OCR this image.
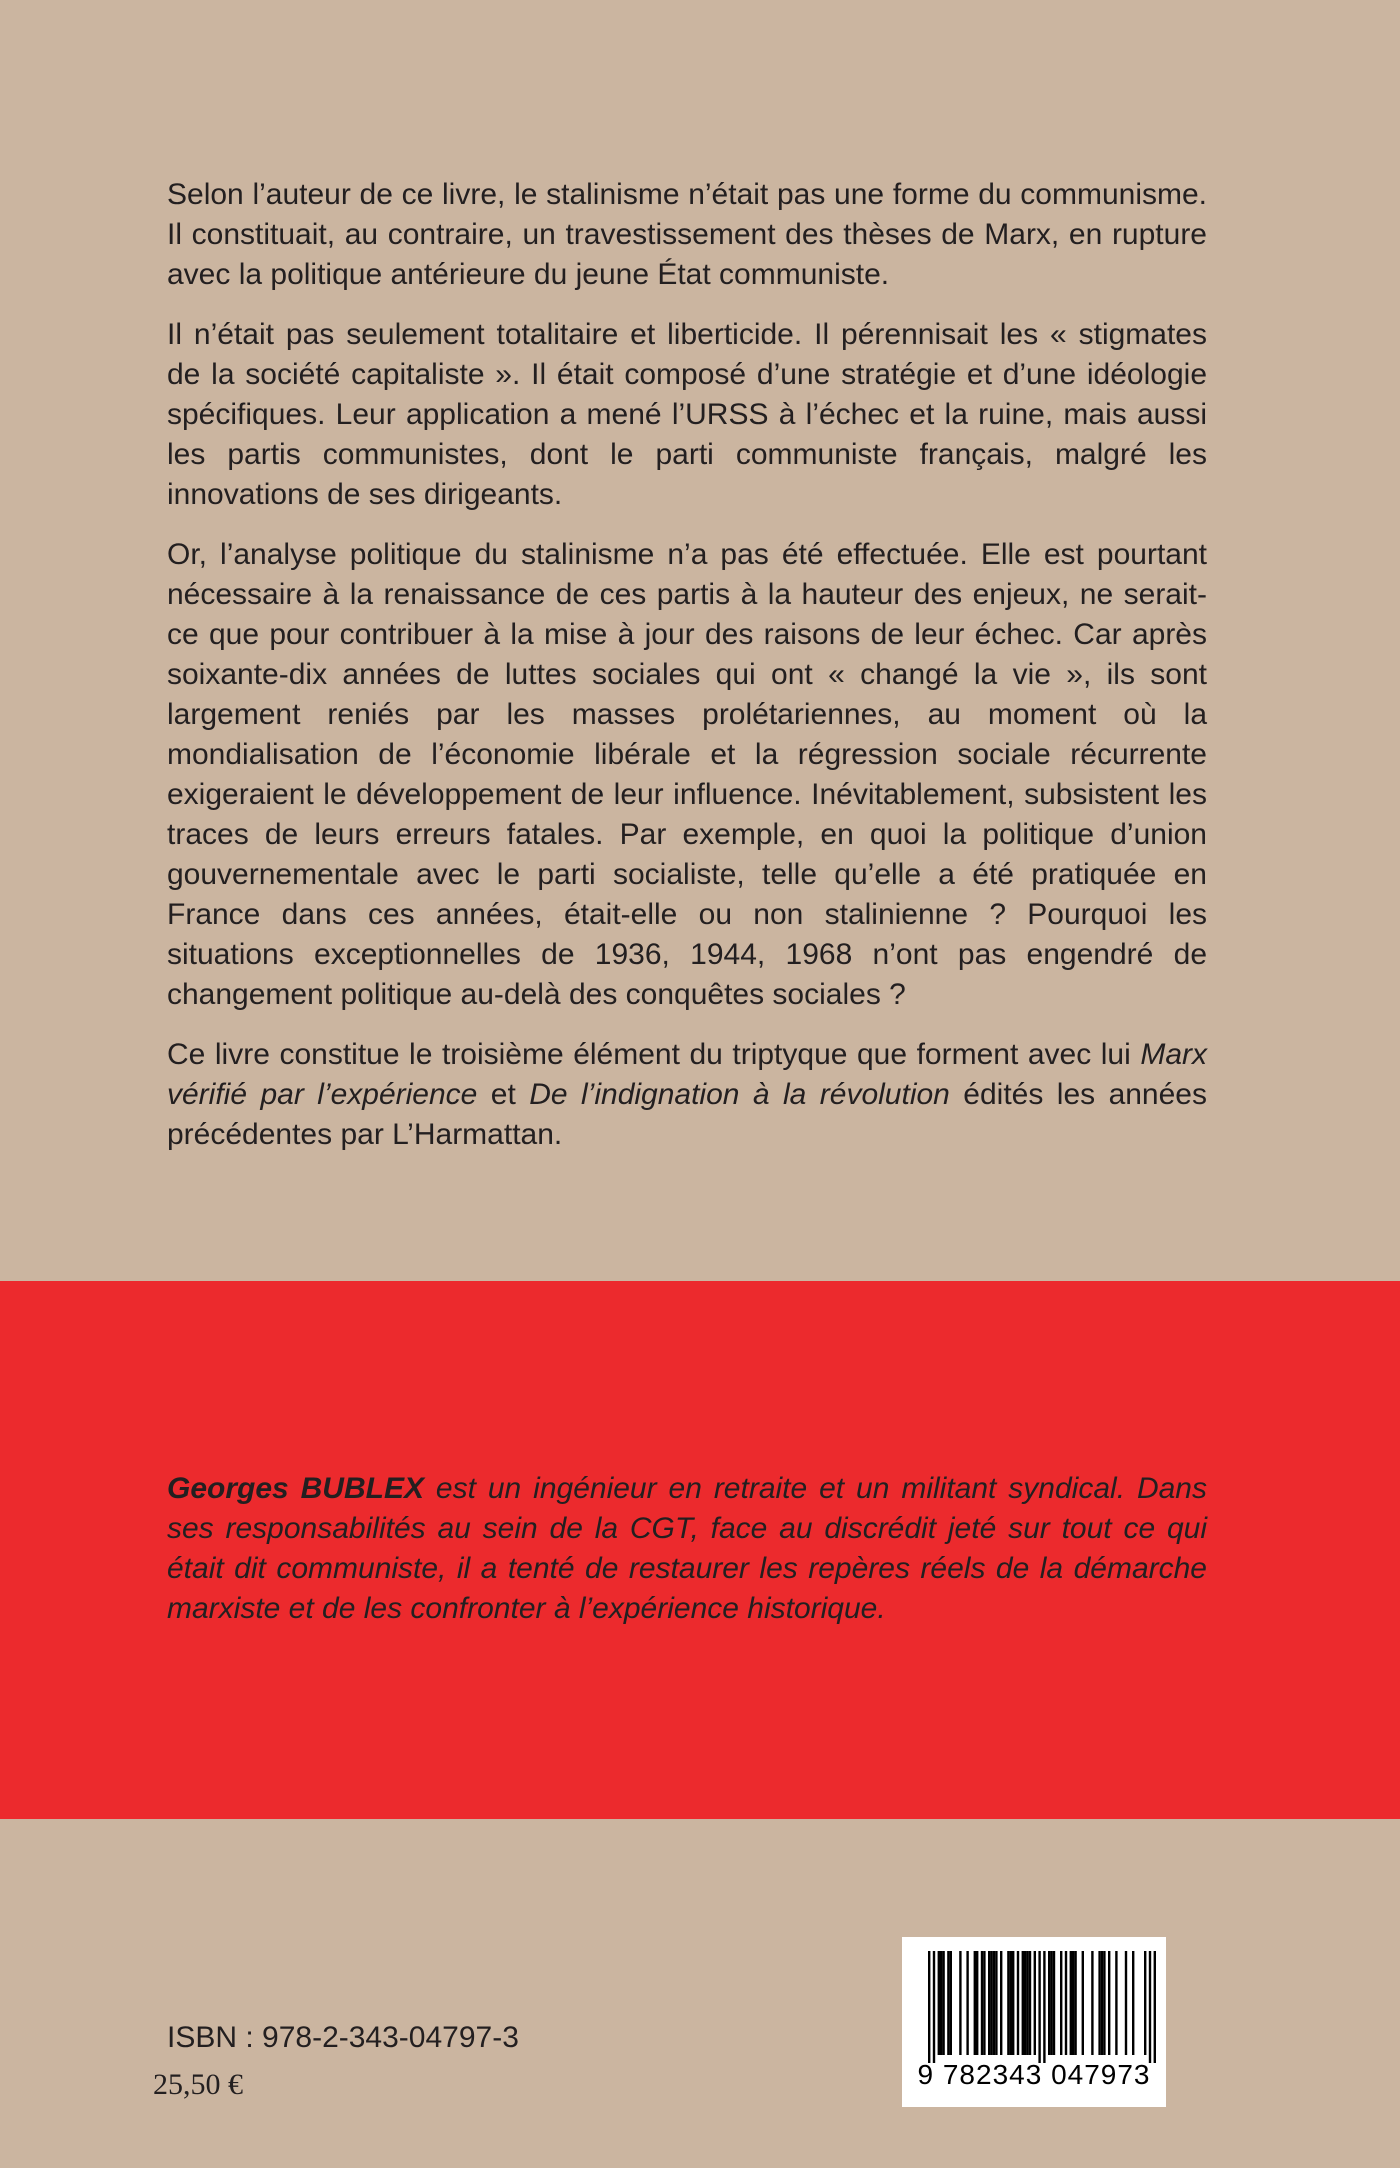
Selon l’auteur de ce livre, le stalinisme n’était pas une forme du communisme. Il constituait, au contraire, un travestissement des thèses de Marx, en rupture avec la politique antérieure du jeune État communiste.

Il n’était pas seulement totalitaire et liberticide. Il pérennisait les « stigmates de la société capitaliste ». Il était composé d’une stratégie et d’une idéologie spécifiques. Leur application a mené l’URSS à l’échec et la ruine, mais aussi les partis communistes, dont le parti communiste français, malgré les innovations de ses dirigeants.

Or, l’analyse politique du stalinisme n’a pas été effectuée. Elle est pourtant nécessaire à la renaissance de ces partis à la hauteur des enjeux, ne serait-ce que pour contribuer à la mise à jour des raisons de leur échec. Car après soixante-dix années de luttes sociales qui ont « changé la vie », ils sont largement reniés par les masses prolétariennes, au moment où la mondialisation de l’économie libérale et la régression sociale récurrente exigeraient le développement de leur influence. Inévitablement, subsistent les traces de leurs erreurs fatales. Par exemple, en quoi la politique d’union gouvernementale avec le parti socialiste, telle qu’elle a été pratiquée en France dans ces années, était-elle ou non stalinienne ? Pourquoi les situations exceptionnelles de 1936, 1944, 1968 n’ont pas engendré de changement politique au-delà des conquêtes sociales ?

Ce livre constitue le troisième élément du triptyque que forment avec lui Marx vérifié par l’expérience et De l’indignation à la révolution édités les années précédentes par L’Harmattan.

Georges BUBLEX est un ingénieur en retraite et un militant syndical. Dans ses responsabilités au sein de la CGT, face au discrédit jeté sur tout ce qui était dit communiste, il a tenté de restaurer les repères réels de la démarche marxiste et de les confronter à l’expérience historique.
ISBN : 978-2-343-04797-3
25,50 €	9 782343 047973
